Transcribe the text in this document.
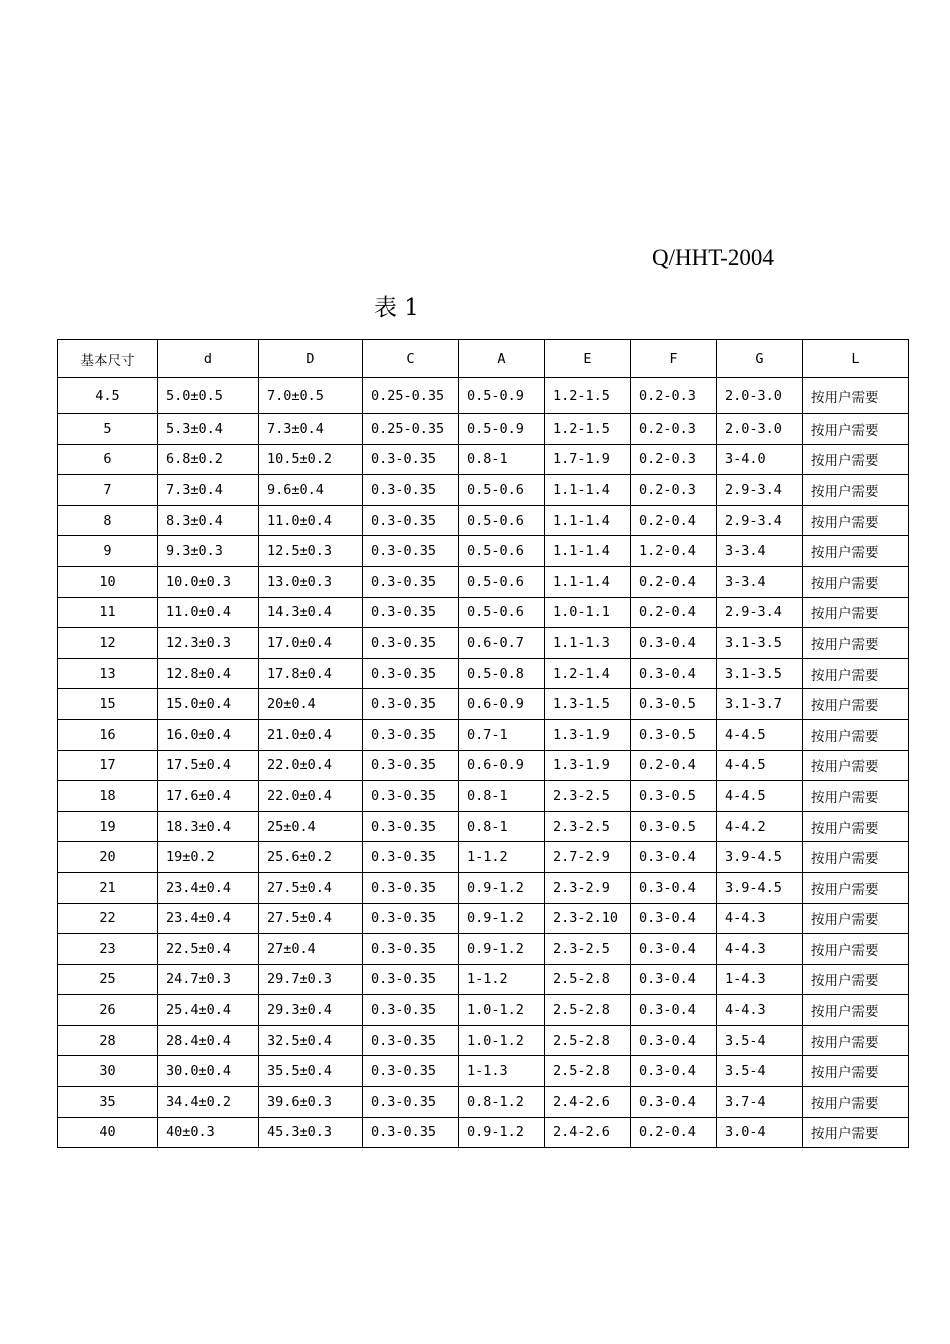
Q/HHT-2004
表 1
基本尺寸	d	D	C	A	E	F	G	L
4.5	5.0±0.5	7.0±0.5	0.25-0.35	0.5-0.9	1.2-1.5	0.2-0.3	2.0-3.0	按用户需要
5	5.3±0.4	7.3±0.4	0.25-0.35	0.5-0.9	1.2-1.5	0.2-0.3	2.0-3.0	按用户需要
6	6.8±0.2	10.5±0.2	0.3-0.35	0.8-1	1.7-1.9	0.2-0.3	3-4.0	按用户需要
7	7.3±0.4	9.6±0.4	0.3-0.35	0.5-0.6	1.1-1.4	0.2-0.3	2.9-3.4	按用户需要
8	8.3±0.4	11.0±0.4	0.3-0.35	0.5-0.6	1.1-1.4	0.2-0.4	2.9-3.4	按用户需要
9	9.3±0.3	12.5±0.3	0.3-0.35	0.5-0.6	1.1-1.4	1.2-0.4	3-3.4	按用户需要
10	10.0±0.3	13.0±0.3	0.3-0.35	0.5-0.6	1.1-1.4	0.2-0.4	3-3.4	按用户需要
11	11.0±0.4	14.3±0.4	0.3-0.35	0.5-0.6	1.0-1.1	0.2-0.4	2.9-3.4	按用户需要
12	12.3±0.3	17.0±0.4	0.3-0.35	0.6-0.7	1.1-1.3	0.3-0.4	3.1-3.5	按用户需要
13	12.8±0.4	17.8±0.4	0.3-0.35	0.5-0.8	1.2-1.4	0.3-0.4	3.1-3.5	按用户需要
15	15.0±0.4	20±0.4	0.3-0.35	0.6-0.9	1.3-1.5	0.3-0.5	3.1-3.7	按用户需要
16	16.0±0.4	21.0±0.4	0.3-0.35	0.7-1	1.3-1.9	0.3-0.5	4-4.5	按用户需要
17	17.5±0.4	22.0±0.4	0.3-0.35	0.6-0.9	1.3-1.9	0.2-0.4	4-4.5	按用户需要
18	17.6±0.4	22.0±0.4	0.3-0.35	0.8-1	2.3-2.5	0.3-0.5	4-4.5	按用户需要
19	18.3±0.4	25±0.4	0.3-0.35	0.8-1	2.3-2.5	0.3-0.5	4-4.2	按用户需要
20	19±0.2	25.6±0.2	0.3-0.35	1-1.2	2.7-2.9	0.3-0.4	3.9-4.5	按用户需要
21	23.4±0.4	27.5±0.4	0.3-0.35	0.9-1.2	2.3-2.9	0.3-0.4	3.9-4.5	按用户需要
22	23.4±0.4	27.5±0.4	0.3-0.35	0.9-1.2	2.3-2.10	0.3-0.4	4-4.3	按用户需要
23	22.5±0.4	27±0.4	0.3-0.35	0.9-1.2	2.3-2.5	0.3-0.4	4-4.3	按用户需要
25	24.7±0.3	29.7±0.3	0.3-0.35	1-1.2	2.5-2.8	0.3-0.4	1-4.3	按用户需要
26	25.4±0.4	29.3±0.4	0.3-0.35	1.0-1.2	2.5-2.8	0.3-0.4	4-4.3	按用户需要
28	28.4±0.4	32.5±0.4	0.3-0.35	1.0-1.2	2.5-2.8	0.3-0.4	3.5-4	按用户需要
30	30.0±0.4	35.5±0.4	0.3-0.35	1-1.3	2.5-2.8	0.3-0.4	3.5-4	按用户需要
35	34.4±0.2	39.6±0.3	0.3-0.35	0.8-1.2	2.4-2.6	0.3-0.4	3.7-4	按用户需要
40	40±0.3	45.3±0.3	0.3-0.35	0.9-1.2	2.4-2.6	0.2-0.4	3.0-4	按用户需要
